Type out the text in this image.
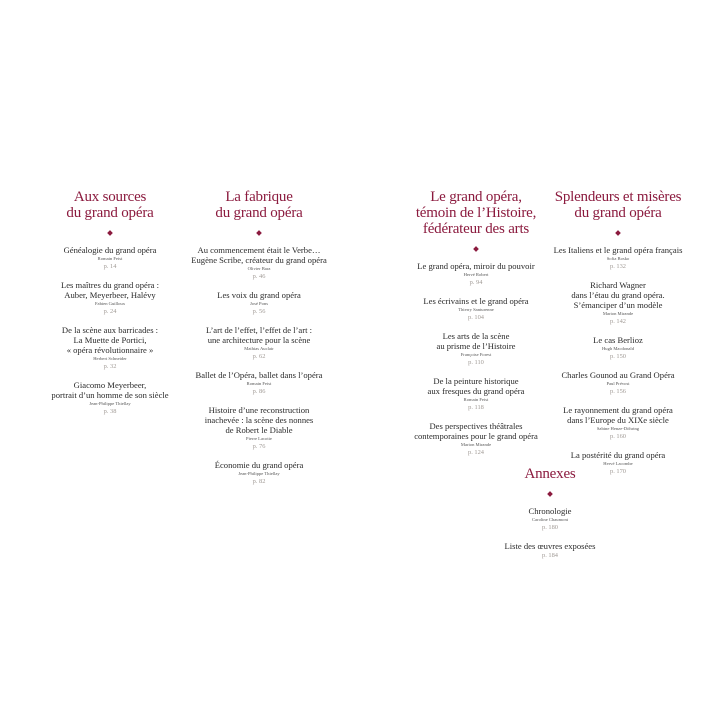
Aux sources
du grand opéra
Généalogie du grand opéra
Romain Feist
p. 14
Les maîtres du grand opéra :
Auber, Meyerbeer, Halévy
Fabien Guilloux
p. 24
De la scène aux barricades :
La Muette de Portici,
« opéra révolutionnaire »
Herbert Schneider
p. 32
Giacomo Meyerbeer,
portrait d’un homme de son siècle
Jean-Philippe Thiellay
p. 38
La fabrique
du grand opéra
Au commencement était le Verbe…
Eugène Scribe, créateur du grand opéra
Olivier Bara
p. 46
Les voix du grand opéra
José Pons
p. 56
L’art de l’effet, l’effet de l’art :
une architecture pour la scène
Mathias Auclair
p. 62
Ballet de l’Opéra, ballet dans l’opéra
Romain Feist
p. 86
Histoire d’une reconstruction
inachevée : la scène des nonnes
de Robert le Diable
Pierre Lacotte
p. 76
Économie du grand opéra
Jean-Philippe Thiellay
p. 82
Le grand opéra,
témoin de l’Histoire,
fédérateur des arts
Le grand opéra, miroir du pouvoir
Hervé Robert
p. 94
Les écrivains et le grand opéra
Thierry Santurenne
p. 104
Les arts de la scène
au prisme de l’Histoire
Françoise Forest
p. 110
De la peinture historique
aux fresques du grand opéra
Romain Feist
p. 118
Des perspectives théâtrales
contemporaines pour le grand opéra
Marion Mirande
p. 124
Splendeurs et misères
du grand opéra
Les Italiens et le grand opéra français
Sofia Bosko
p. 132
Richard Wagner
dans l’étau du grand opéra.
S’émanciper d’un modèle
Marion Mirande
p. 142
Le cas Berlioz
Hugh Macdonald
p. 150
Charles Gounod au Grand Opéra
Paul Prévost
p. 156
Le rayonnement du grand opéra
dans l’Europe du XIXe siècle
Sabine Henze-Döhring
p. 160
La postérité du grand opéra
Hervé Lacombe
p. 170
Annexes
Chronologie
Caroline Chaumont
p. 180
Liste des œuvres exposées
p. 184
